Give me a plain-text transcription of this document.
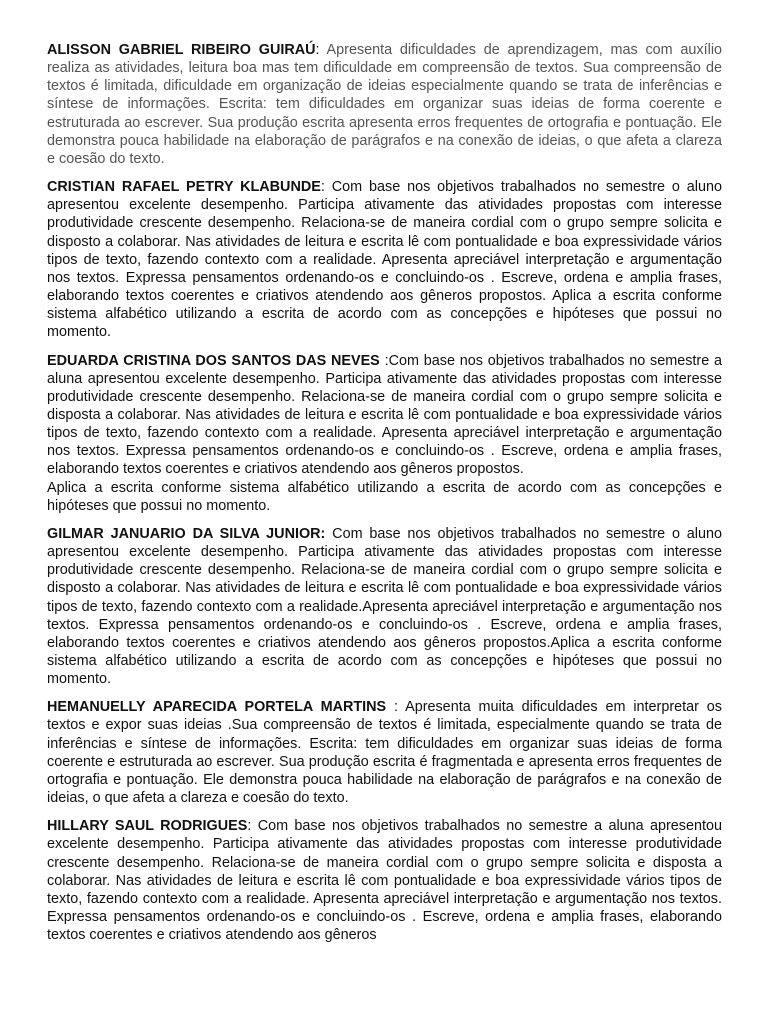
ALISSON GABRIEL RIBEIRO GUIRAÚ: Apresenta dificuldades de aprendizagem, mas com auxílio realiza as atividades, leitura boa mas tem dificuldade em compreensão de textos. Sua compreensão de textos é limitada, dificuldade em organização de ideias especialmente quando se trata de inferências e síntese de informações. Escrita: tem dificuldades em organizar suas ideias de forma coerente e estruturada ao escrever. Sua produção escrita apresenta erros frequentes de ortografia e pontuação. Ele demonstra pouca habilidade na elaboração de parágrafos e na conexão de ideias, o que afeta a clareza e coesão do texto.

CRISTIAN RAFAEL PETRY KLABUNDE: Com base nos objetivos trabalhados no semestre o aluno apresentou excelente desempenho. Participa ativamente das atividades propostas com interesse produtividade crescente desempenho. Relaciona-se de maneira cordial com o grupo sempre solicita e disposto a colaborar. Nas atividades de leitura e escrita lê com pontualidade e boa expressividade vários tipos de texto, fazendo contexto com a realidade. Apresenta apreciável interpretação e argumentação nos textos. Expressa pensamentos ordenando-os e concluindo-os . Escreve, ordena e amplia frases, elaborando textos coerentes e criativos atendendo aos gêneros propostos. Aplica a escrita conforme sistema alfabético utilizando a escrita de acordo com as concepções e hipóteses que possui no momento.

EDUARDA CRISTINA DOS SANTOS DAS NEVES :Com base nos objetivos trabalhados no semestre a aluna apresentou excelente desempenho. Participa ativamente das atividades propostas com interesse produtividade crescente desempenho. Relaciona-se de maneira cordial com o grupo sempre solicita e disposta a colaborar. Nas atividades de leitura e escrita lê com pontualidade e boa expressividade vários tipos de texto, fazendo contexto com a realidade. Apresenta apreciável interpretação e argumentação nos textos. Expressa pensamentos ordenando-os e concluindo-os . Escreve, ordena e amplia frases, elaborando textos coerentes e criativos atendendo aos gêneros propostos.
Aplica a escrita conforme sistema alfabético utilizando a escrita de acordo com as concepções e hipóteses que possui no momento.

GILMAR JANUARIO DA SILVA JUNIOR: Com base nos objetivos trabalhados no semestre o aluno apresentou excelente desempenho. Participa ativamente das atividades propostas com interesse produtividade crescente desempenho. Relaciona-se de maneira cordial com o grupo sempre solicita e disposto a colaborar. Nas atividades de leitura e escrita lê com pontualidade e boa expressividade vários tipos de texto, fazendo contexto com a realidade.Apresenta apreciável interpretação e argumentação nos textos. Expressa pensamentos ordenando-os e concluindo-os . Escreve, ordena e amplia frases, elaborando textos coerentes e criativos atendendo aos gêneros propostos.Aplica a escrita conforme sistema alfabético utilizando a escrita de acordo com as concepções e hipóteses que possui no momento.

HEMANUELLY APARECIDA PORTELA MARTINS : Apresenta muita dificuldades em interpretar os textos e expor suas ideias .Sua compreensão de textos é limitada, especialmente quando se trata de inferências e síntese de informações. Escrita: tem dificuldades em organizar suas ideias de forma coerente e estruturada ao escrever. Sua produção escrita é fragmentada e apresenta erros frequentes de ortografia e pontuação. Ele demonstra pouca habilidade na elaboração de parágrafos e na conexão de ideias, o que afeta a clareza e coesão do texto.

HILLARY SAUL RODRIGUES: Com base nos objetivos trabalhados no semestre a aluna apresentou excelente desempenho. Participa ativamente das atividades propostas com interesse produtividade crescente desempenho. Relaciona-se de maneira cordial com o grupo sempre solicita e disposta a colaborar. Nas atividades de leitura e escrita lê com pontualidade e boa expressividade vários tipos de texto, fazendo contexto com a realidade. Apresenta apreciável interpretação e argumentação nos textos. Expressa pensamentos ordenando-os e concluindo-os . Escreve, ordena e amplia frases, elaborando textos coerentes e criativos atendendo aos gêneros
